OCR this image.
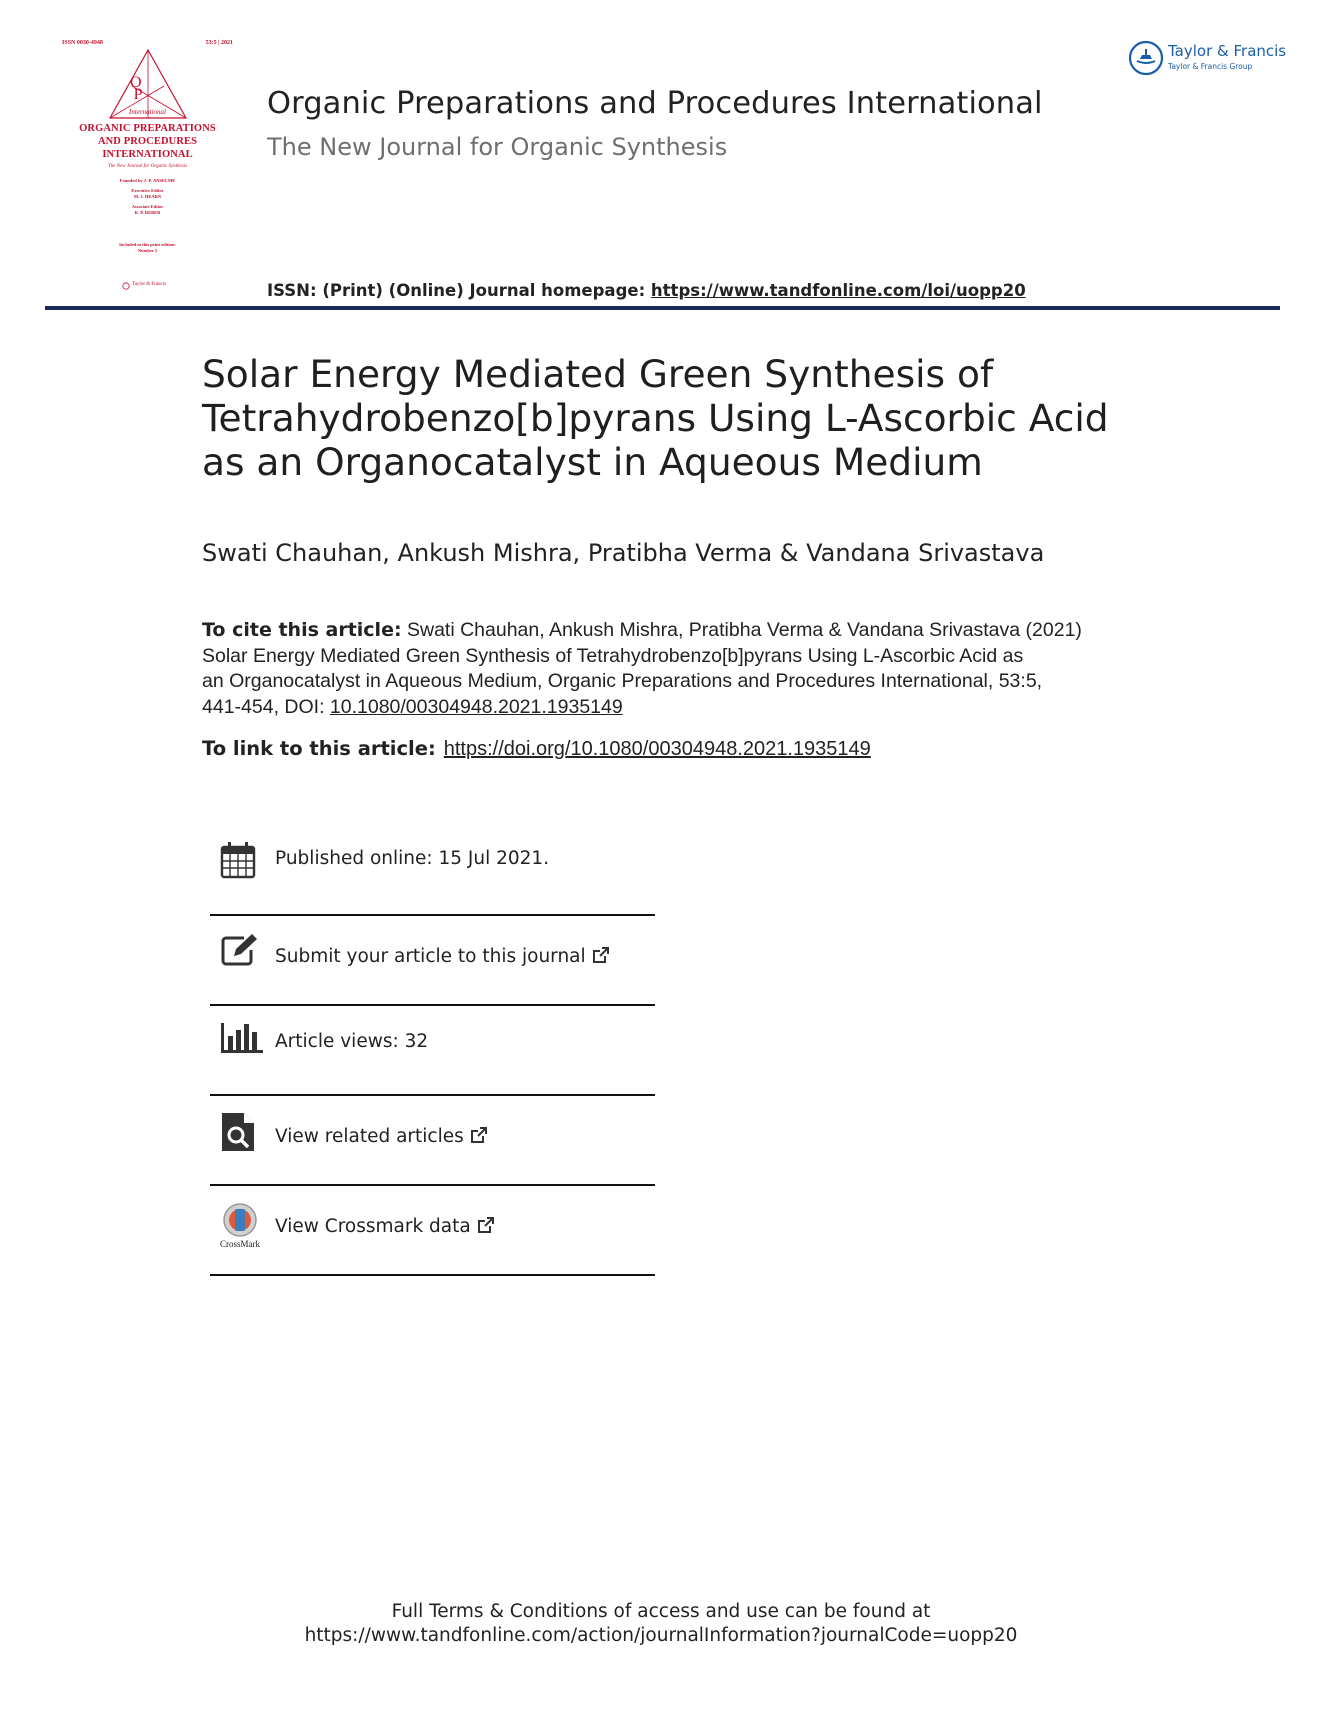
ISSN 0030-4948	53:5 | 2021
OP
International
ORGANIC PREPARATIONS
AND PROCEDURES
INTERNATIONAL
The New Journal for Organic Synthesis
Founded by J.-P. ANSELME
Executive Editor
M. J. HEARN
Associate Editor
K. P. REBER
Included in this print edition:
Number 5
Taylor & Francis
Organic Preparations and Procedures International
The New Journal for Organic Synthesis
ISSN: (Print) (Online) Journal homepage: https://www.tandfonline.com/loi/uopp20
Taylor & Francis
Taylor & Francis Group
Solar Energy Mediated Green Synthesis of
Tetrahydrobenzo[b]pyrans Using L-Ascorbic Acid
as an Organocatalyst in Aqueous Medium
Swati Chauhan, Ankush Mishra, Pratibha Verma & Vandana Srivastava
To cite this article: Swati Chauhan, Ankush Mishra, Pratibha Verma & Vandana Srivastava (2021)
Solar Energy Mediated Green Synthesis of Tetrahydrobenzo[b]pyrans Using L-Ascorbic Acid as
an Organocatalyst in Aqueous Medium, Organic Preparations and Procedures International, 53:5,
441-454, DOI: 10.1080/00304948.2021.1935149
To link to this article: https://doi.org/10.1080/00304948.2021.1935149
Published online: 15 Jul 2021.
Submit your article to this journal
Article views: 32
View related articles
CrossMark
View Crossmark data
Full Terms & Conditions of access and use can be found at
https://www.tandfonline.com/action/journalInformation?journalCode=uopp20
